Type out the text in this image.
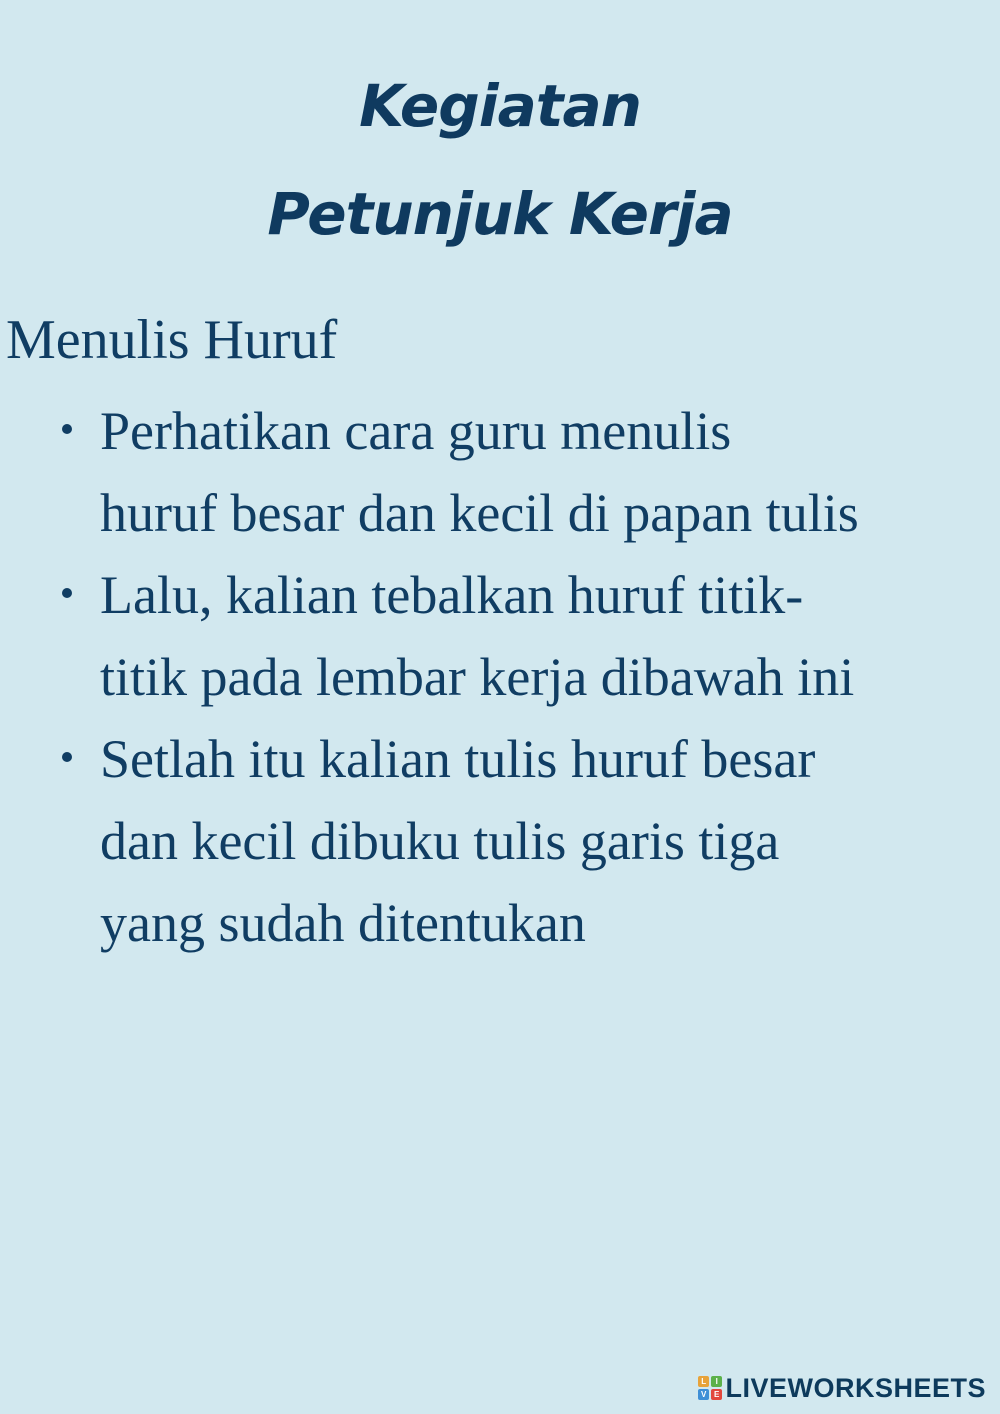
Kegiatan
Petunjuk Kerja
Menulis Huruf
Perhatikan cara guru menulis
huruf besar dan kecil di papan tulis
Lalu, kalian tebalkan huruf titik-
titik pada lembar kerja dibawah ini
Setlah itu kalian tulis huruf besar
dan kecil dibuku tulis garis tiga
yang sudah ditentukan
L	I
V E LIVEWORKSHEETS
